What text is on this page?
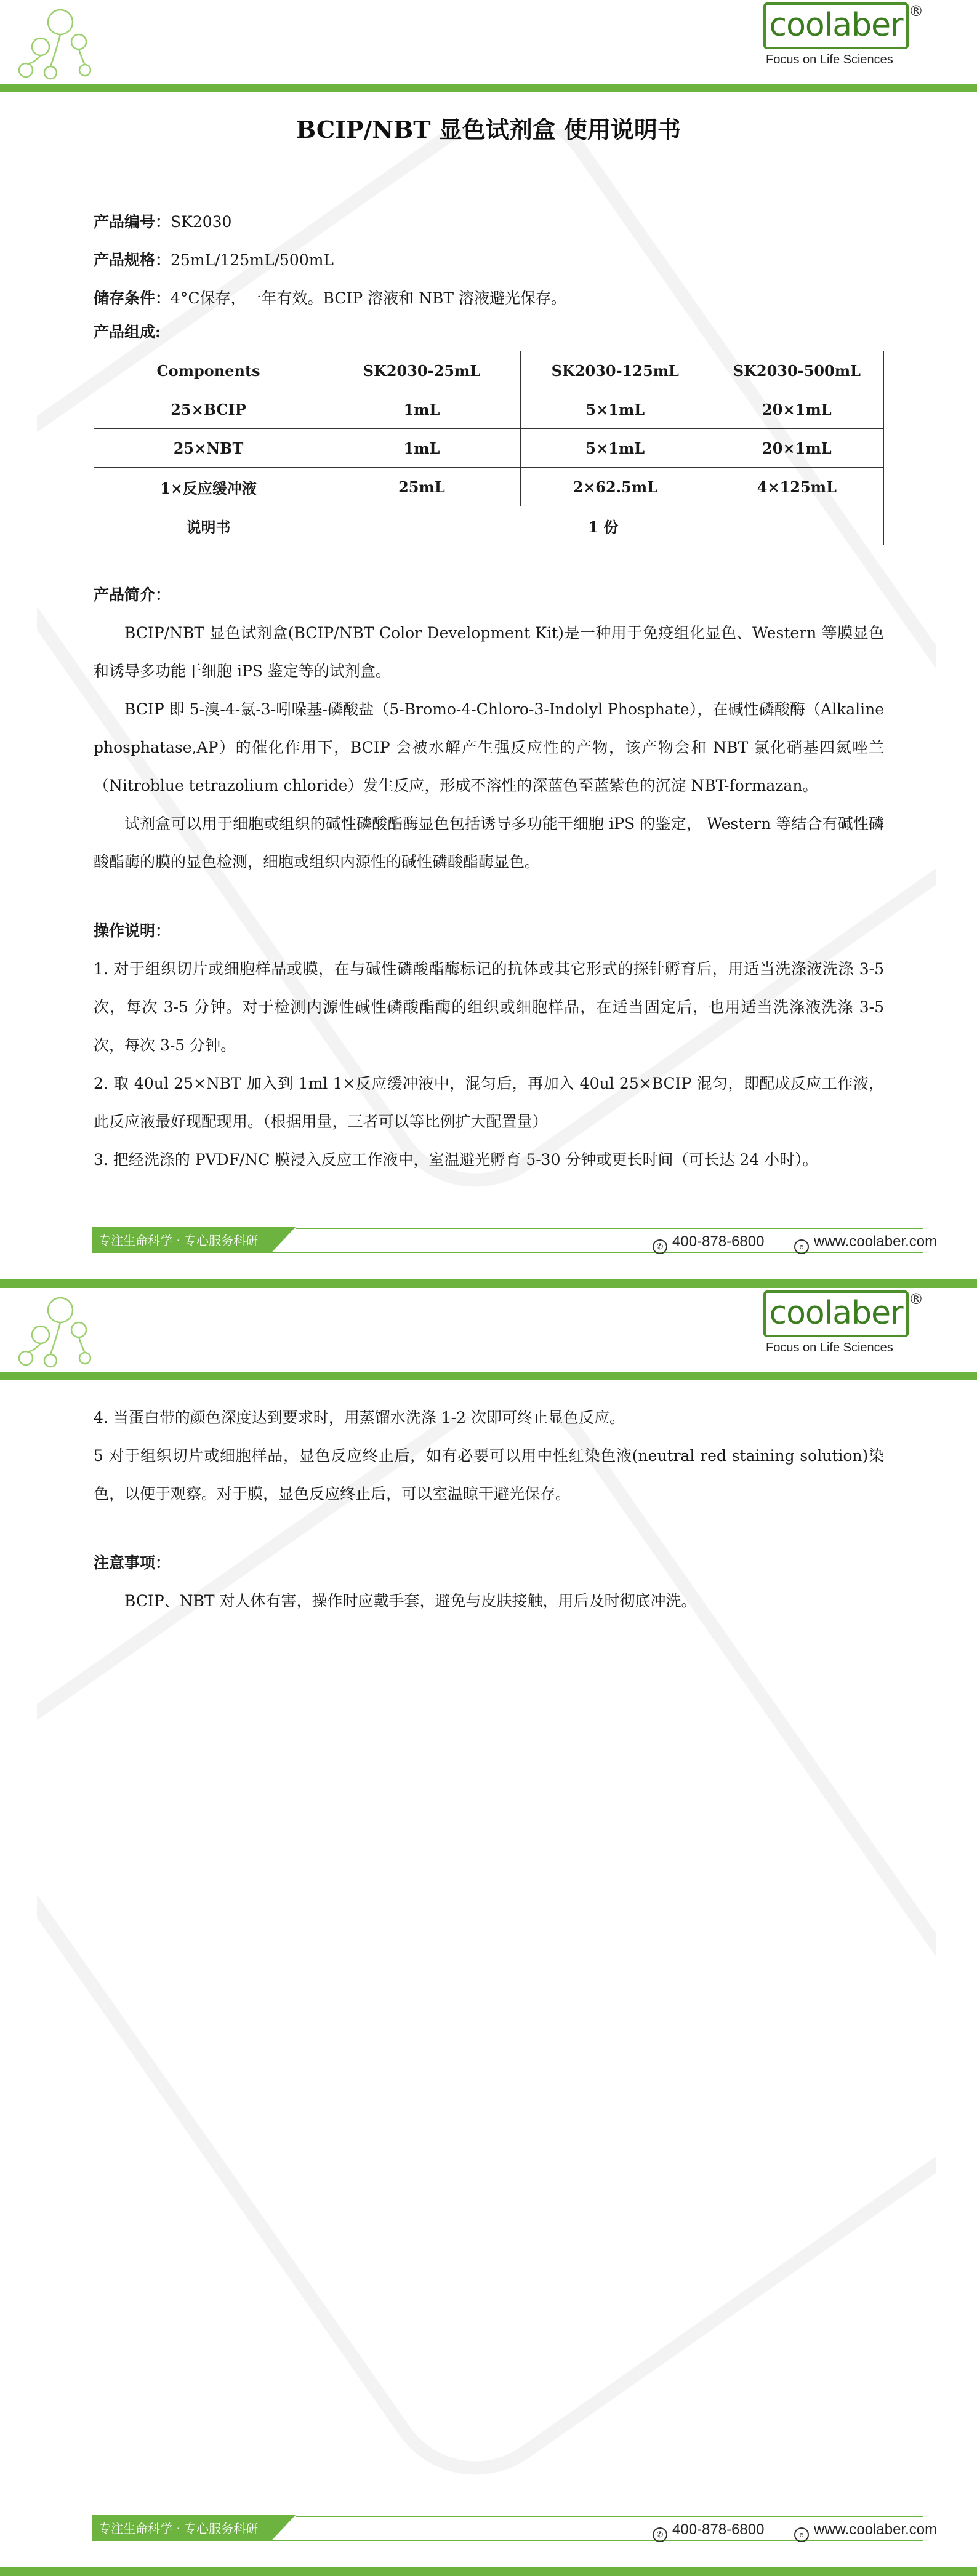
coolaber ®
Focus on Life Sciences
BCIP/NBT 显色试剂盒 使用说明书
产品编号：SK2030
产品规格：25mL/125mL/500mL
储存条件：4°C保存，一年有效。BCIP 溶液和 NBT 溶液避光保存。
产品组成:
Components	SK2030-25mL	SK2030-125mL	SK2030-500mL
25×BCIP	1mL	5×1mL	20×1mL
25×NBT	1mL	5×1mL	20×1mL
1×反应缓冲液	25mL	2×62.5mL	4×125mL
说明书	1 份		
产品简介：
BCIP/NBT 显色试剂盒(BCIP/NBT Color Development Kit)是一种用于免疫组化显色、Western 等膜显色和诱导多功能干细胞 iPS 鉴定等的试剂盒。
BCIP 即 5-溴-4-氯-3-吲哚基-磷酸盐（5-Bromo-4-Chloro-3-Indolyl Phosphate），在碱性磷酸酶（Alkaline phosphatase,AP）的催化作用下，BCIP 会被水解产生强反应性的产物，该产物会和 NBT 氯化硝基四氮唑兰（Nitroblue tetrazolium chloride）发生反应，形成不溶性的深蓝色至蓝紫色的沉淀 NBT-formazan。
试剂盒可以用于细胞或组织的碱性磷酸酯酶显色包括诱导多功能干细胞 iPS 的鉴定， Western 等结合有碱性磷酸酯酶的膜的显色检测，细胞或组织内源性的碱性磷酸酯酶显色。
操作说明：
1. 对于组织切片或细胞样品或膜，在与碱性磷酸酯酶标记的抗体或其它形式的探针孵育后，用适当洗涤液洗涤 3-5 次，每次 3-5 分钟。对于检测内源性碱性磷酸酯酶的组织或细胞样品，在适当固定后，也用适当洗涤液洗涤 3-5 次，每次 3-5 分钟。
2. 取 40ul 25×NBT 加入到 1ml 1×反应缓冲液中，混匀后，再加入 40ul 25×BCIP 混匀，即配成反应工作液，此反应液最好现配现用。（根据用量，三者可以等比例扩大配置量）
3. 把经洗涤的 PVDF/NC 膜浸入反应工作液中，室温避光孵育 5-30 分钟或更长时间（可长达 24 小时）。
专注生命科学 · 专心服务科研	✆ 400-878-6800	e www.coolaber.com
coolaber ®
Focus on Life Sciences
4. 当蛋白带的颜色深度达到要求时，用蒸馏水洗涤 1-2 次即可终止显色反应。
5 对于组织切片或细胞样品，显色反应终止后，如有必要可以用中性红染色液(neutral red staining solution)染色，以便于观察。对于膜，显色反应终止后，可以室温晾干避光保存。
注意事项：
BCIP、NBT 对人体有害，操作时应戴手套，避免与皮肤接触，用后及时彻底冲洗。
专注生命科学 · 专心服务科研	✆ 400-878-6800	e www.coolaber.com
